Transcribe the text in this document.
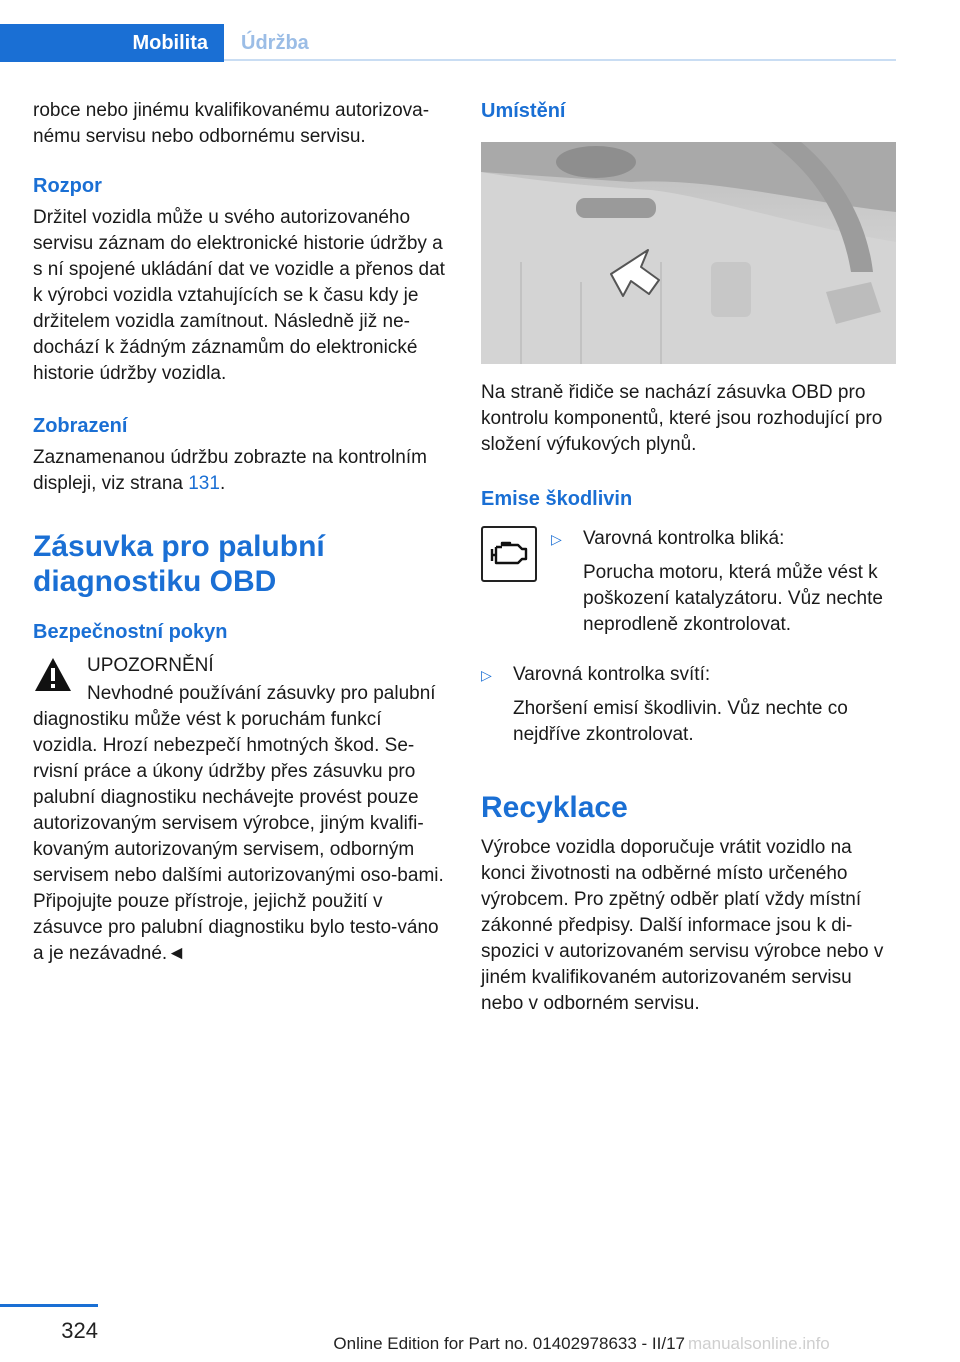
Mobilita	Údržba

robce nebo jinému kvalifikovanému autorizova‐nému servisu nebo odbornému servisu.

Rozpor

Držitel vozidla může u svého autorizovaného servisu záznam do elektronické historie údržby a s ní spojené ukládání dat ve vozidle a přenos dat k výrobci vozidla vztahujících se k času kdy je držitelem vozidla zamítnout. Následně již ne‐dochází k žádným záznamům do elektronické historie údržby vozidla.

Zobrazení

Zaznamenanou údržbu zobrazte na kontrolním displeji, viz strana 131.

Zásuvka pro palubní diagnostiku OBD

Bezpečnostní pokyn

UPOZORNĚNÍ

Nevhodné používání zásuvky pro palubní diagnostiku může vést k poruchám funkcí vozidla. Hrozí nebezpečí hmotných škod. Se‐rvisní práce a úkony údržby přes zásuvku pro palubní diagnostiku nechávejte provést pouze autorizovaným servisem výrobce, jiným kvalifi‐kovaným autorizovaným servisem, odborným servisem nebo dalšími autorizovanými oso‐bami. Připojujte pouze přístroje, jejichž použití v zásuvce pro palubní diagnostiku bylo testo‐váno a je nezávadné.◄

Umístění

Na straně řidiče se nachází zásuvka OBD pro kontrolu komponentů, které jsou rozhodující pro složení výfukových plynů.

Emise škodlivin

▷	Varovná kontrolka bliká:

Porucha motoru, která může vést k poškození katalyzátoru. Vůz nechte neprodleně zkontrolovat.

▷	Varovná kontrolka svítí:

Zhoršení emisí škodlivin. Vůz nechte co nejdříve zkontrolovat.

Recyklace

Výrobce vozidla doporučuje vrátit vozidlo na konci životnosti na odběrné místo určeného výrobcem. Pro zpětný odběr platí vždy místní zákonné předpisy. Další informace jsou k di‐spozici v autorizovaném servisu výrobce nebo v jiném kvalifikovaném autorizovaném servisu nebo v odborném servisu.

324
Online Edition for Part no. 01402978633 - II/17 manualsonline.info
